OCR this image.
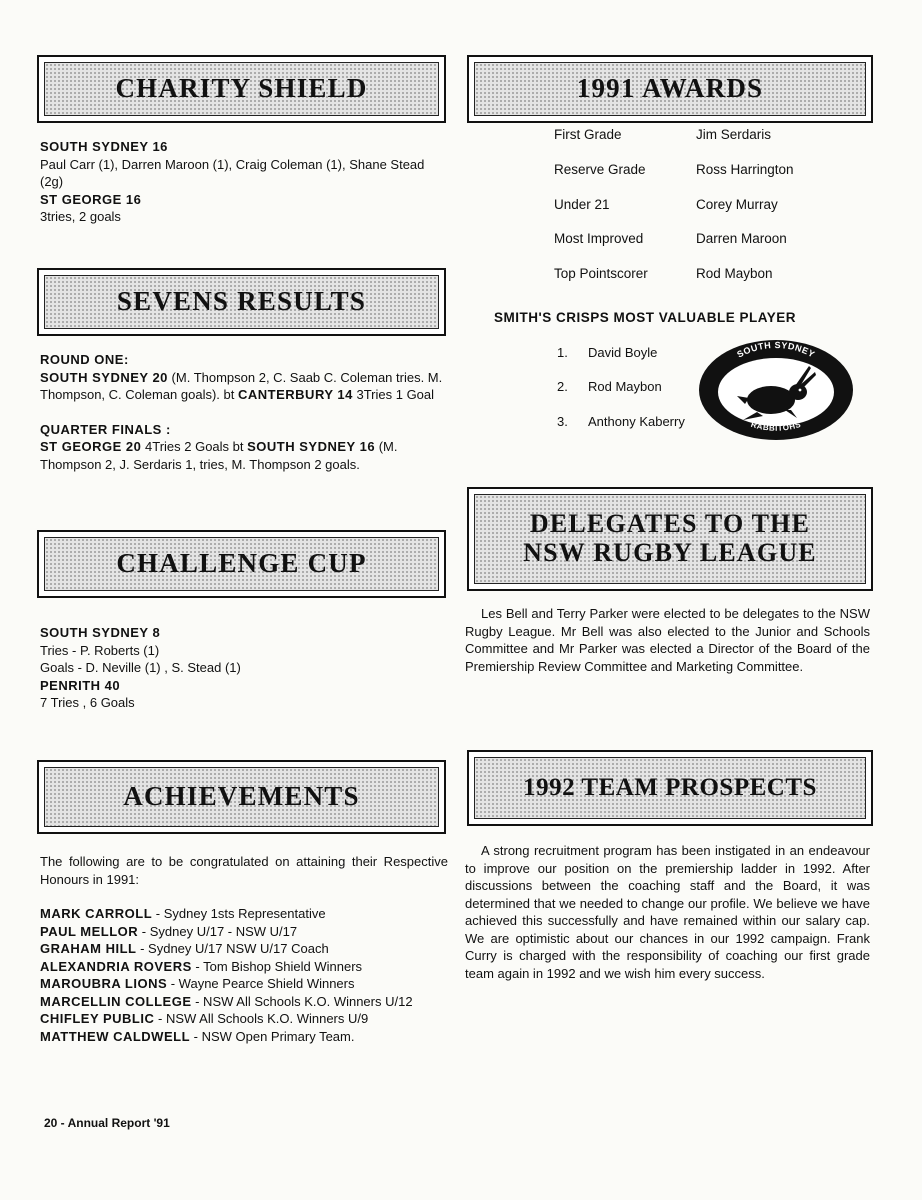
CHARITY SHIELD
SOUTH SYDNEY 16
Paul Carr (1), Darren Maroon (1), Craig Coleman (1), Shane Stead (2g)
ST GEORGE 16
3tries, 2 goals
SEVENS RESULTS
ROUND ONE:
SOUTH SYDNEY 20 (M. Thompson 2, C. Saab C. Coleman tries. M. Thompson, C. Coleman goals). bt CANTERBURY 14 3Tries 1 Goal
QUARTER FINALS :
ST GEORGE 20 4Tries 2 Goals bt SOUTH SYDNEY 16 (M. Thompson 2, J. Serdaris 1, tries, M. Thompson 2 goals.
CHALLENGE CUP
SOUTH SYDNEY 8
Tries - P. Roberts (1)
Goals - D. Neville (1) , S. Stead (1)
PENRITH 40
7 Tries , 6 Goals
ACHIEVEMENTS

The following are to be congratulated on attaining their Respective Honours in 1991:

MARK CARROLL - Sydney 1sts Representative
PAUL MELLOR - Sydney U/17 - NSW U/17
GRAHAM HILL - Sydney U/17 NSW U/17 Coach
ALEXANDRIA ROVERS - Tom Bishop Shield Winners
MAROUBRA LIONS - Wayne Pearce Shield Winners
MARCELLIN COLLEGE - NSW All Schools K.O. Winners U/12
CHIFLEY PUBLIC - NSW All Schools K.O. Winners U/9
MATTHEW CALDWELL - NSW Open Primary Team.
1991 AWARDS
First Grade	Jim Serdaris
Reserve Grade	Ross Harrington
Under 21	Corey Murray
Most Improved	Darren Maroon
Top Pointscorer	Rod Maybon
SMITH'S CRISPS MOST VALUABLE PLAYER
1. David Boyle
2. Rod Maybon
3. Anthony Kaberry
SOUTH SYDNEY
RABBITOHS
DELEGATES TO THE
NSW RUGBY LEAGUE

Les Bell and Terry Parker were elected to be delegates to the NSW Rugby League. Mr Bell was also elected to the Junior and Schools Committee and Mr Parker was elected a Director of the Board of the Premiership Review Committee and Marketing Committee.

1992 TEAM PROSPECTS

A strong recruitment program has been instigated in an endeavour to improve our position on the premiership ladder in 1992. After discussions between the coaching staff and the Board, it was determined that we needed to change our profile. We believe we have achieved this successfully and have remained within our salary cap. We are optimistic about our chances in our 1992 campaign. Frank Curry is charged with the responsibility of coaching our first grade team again in 1992 and we wish him every success.

20 - Annual Report '91
